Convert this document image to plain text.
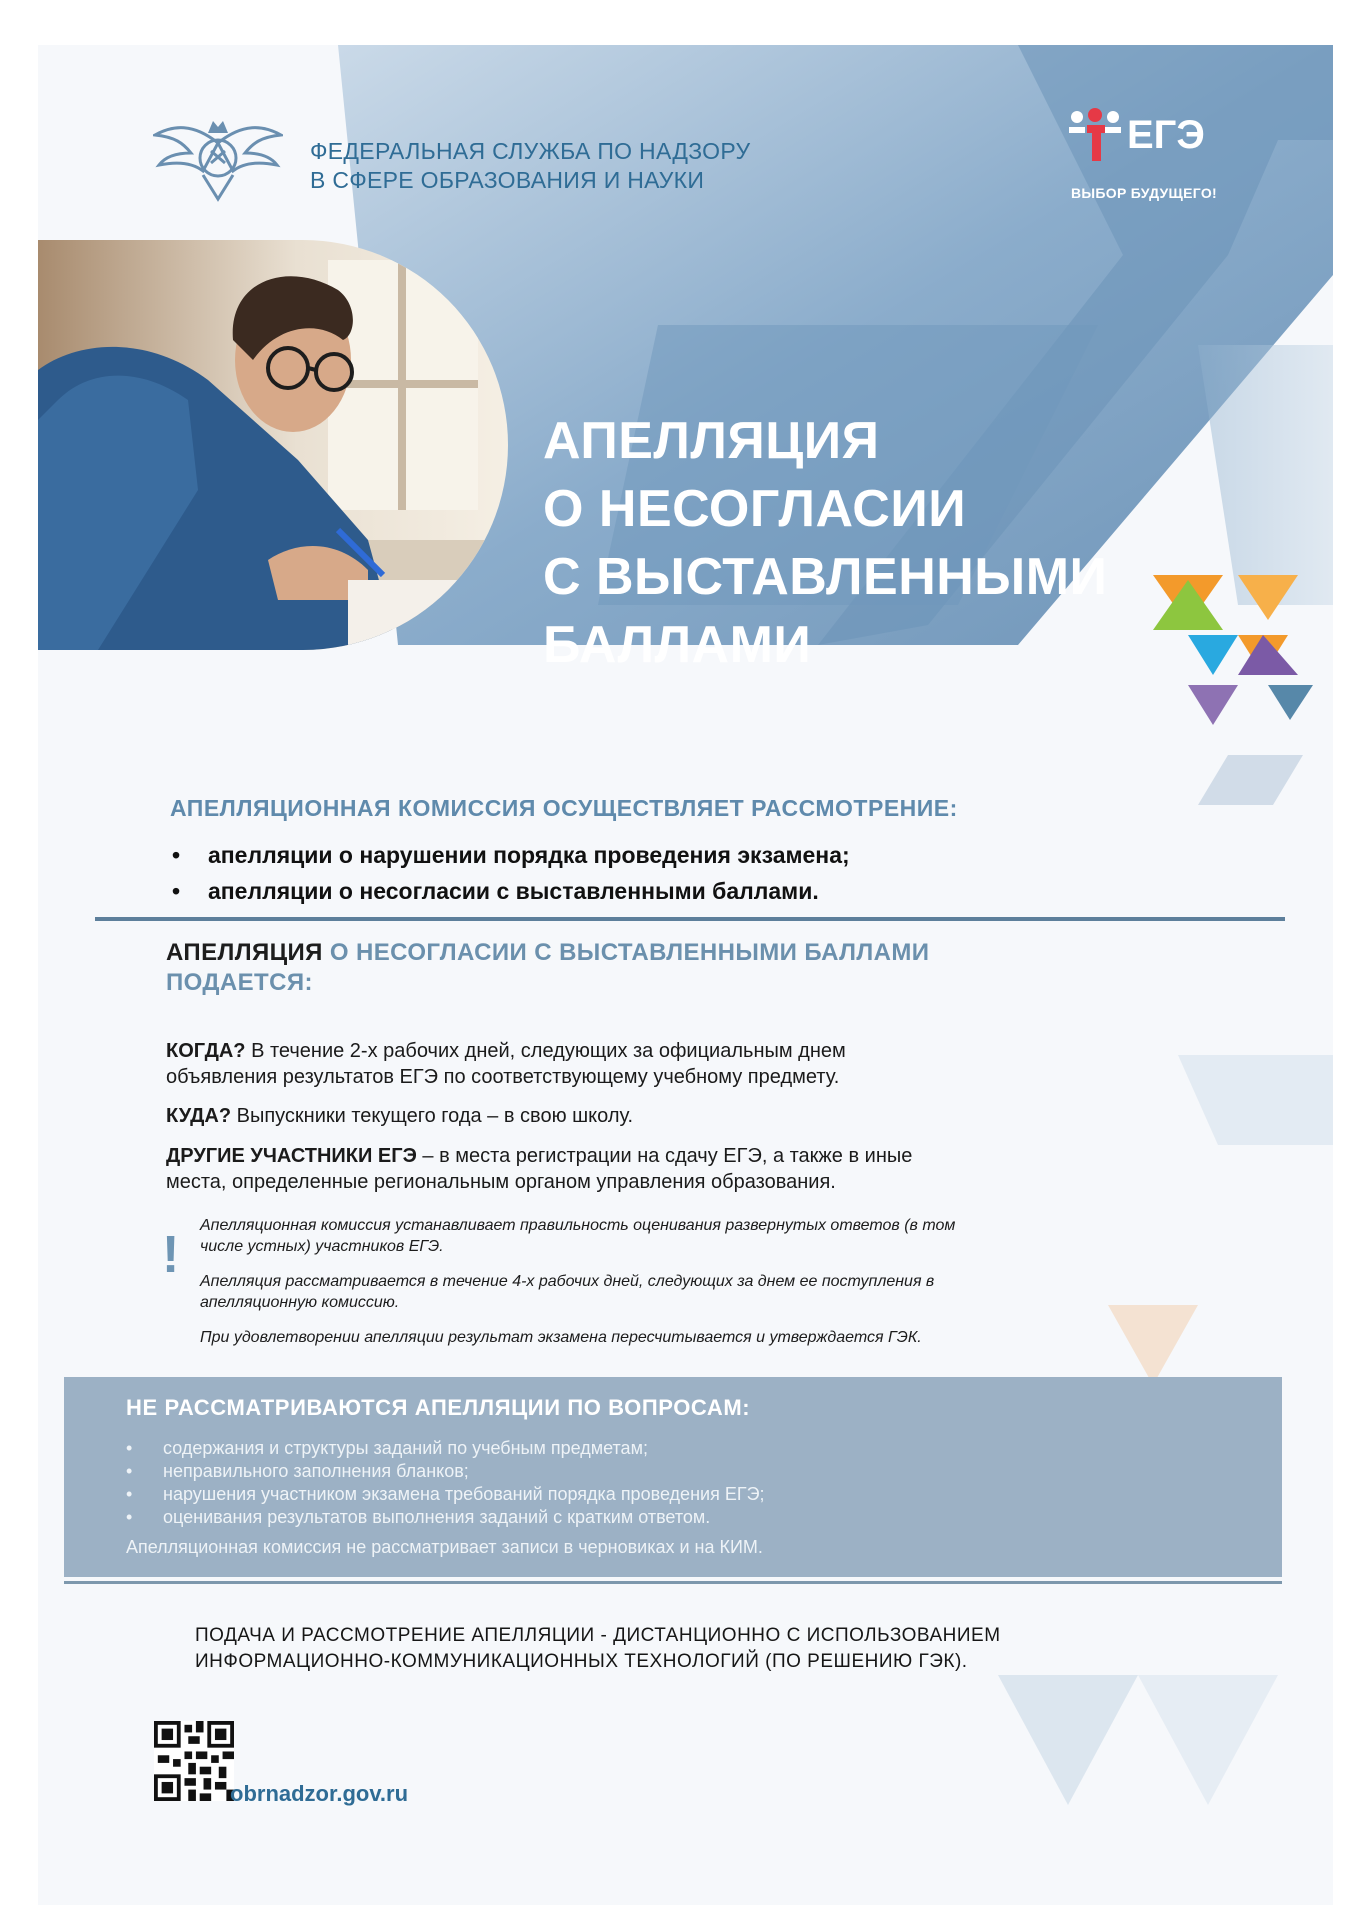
ФЕДЕРАЛЬНАЯ СЛУЖБА ПО НАДЗОРУ
В СФЕРЕ ОБРАЗОВАНИЯ И НАУКИ
ЕГЭ
ВЫБОР БУДУЩЕГО!
АПЕЛЛЯЦИЯ
О НЕСОГЛАСИИ
С ВЫСТАВЛЕННЫМИ
БАЛЛАМИ
АПЕЛЛЯЦИОННАЯ КОМИССИЯ ОСУЩЕСТВЛЯЕТ РАССМОТРЕНИЕ:
• апелляции о нарушении порядка проведения экзамена;
• апелляции о несогласии с выставленными баллами.
АПЕЛЛЯЦИЯ О НЕСОГЛАСИИ С ВЫСТАВЛЕННЫМИ БАЛЛАМИ
ПОДАЕТСЯ:
КОГДА? В течение 2-х рабочих дней, следующих за официальным днем
объявления результатов ЕГЭ по соответствующему учебному предмету.
КУДА? Выпускники текущего года – в свою школу.
ДРУГИЕ УЧАСТНИКИ ЕГЭ – в места регистрации на сдачу ЕГЭ, а также в иные
места, определенные региональным органом управления образования.
!
Апелляционная комиссия устанавливает правильность оценивания развернутых ответов (в том
числе устных) участников ЕГЭ.
Апелляция рассматривается в течение 4-х рабочих дней, следующих за днем ее поступления в
апелляционную комиссию.
При удовлетворении апелляции результат экзамена пересчитывается и утверждается ГЭК.
НЕ РАССМАТРИВАЮТСЯ АПЕЛЛЯЦИИ ПО ВОПРОСАМ:
• содержания и структуры заданий по учебным предметам;
• неправильного заполнения бланков;
• нарушения участником экзамена требований порядка проведения ЕГЭ;
• оценивания результатов выполнения заданий с кратким ответом.
Апелляционная комиссия не рассматривает записи в черновиках и на КИМ.
ПОДАЧА И РАССМОТРЕНИЕ АПЕЛЛЯЦИИ - ДИСТАНЦИОННО С ИСПОЛЬЗОВАНИЕМ
ИНФОРМАЦИОННО-КОММУНИКАЦИОННЫХ ТЕХНОЛОГИЙ (ПО РЕШЕНИЮ ГЭК).
obrnadzor.gov.ru
